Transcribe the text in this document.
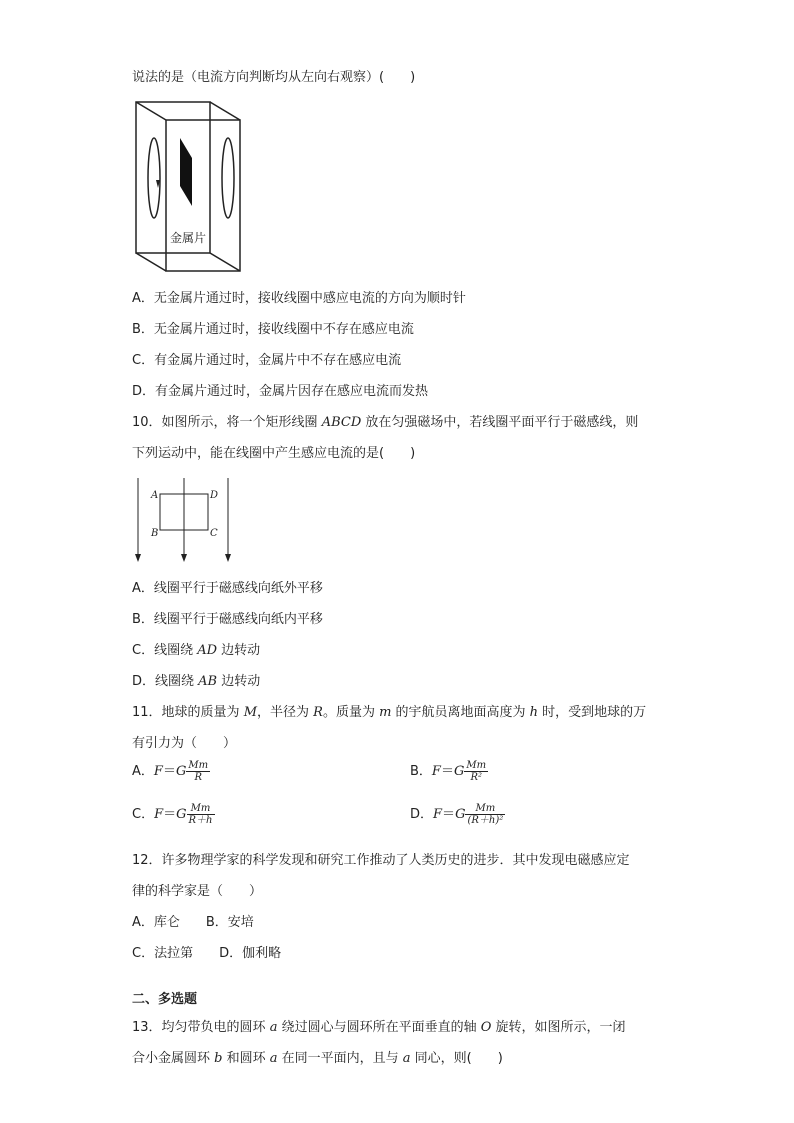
说法的是（电流方向判断均从左向右观察）(　　)
金属片
A．无金属片通过时，接收线圈中感应电流的方向为顺时针
B．无金属片通过时，接收线圈中不存在感应电流
C．有金属片通过时，金属片中不存在感应电流
D．有金属片通过时，金属片因存在感应电流而发热
10．如图所示，将一个矩形线圈 ABCD 放在匀强磁场中，若线圈平面平行于磁感线，则
下列运动中，能在线圈中产生感应电流的是(　　)
A	D
B	C
A．线圈平行于磁感线向纸外平移
B．线圈平行于磁感线向纸内平移
C．线圈绕 AD 边转动
D．线圈绕 AB 边转动
11．地球的质量为 M，半径为 R。质量为 m 的宇航员离地面高度为 h 时，受到地球的万
有引力为（　　）
A．$F=G \frac{Mm}{R}$	B．$F=G \frac{Mm}{\text{R²}}$
C．$F=G \frac{Mm}{R+h}$	D．$F=G \frac{Mm}{\text{(R＋h)²}}$
12．许多物理学家的科学发现和研究工作推动了人类历史的进步．其中发现电磁感应定
律的科学家是（　　）
A．库仑　　B．安培
C．法拉第　　D．伽利略
二、多选题
13．均匀带负电的圆环 a 绕过圆心与圆环所在平面垂直的轴 O 旋转，如图所示，一闭
合小金属圆环 b 和圆环 a 在同一平面内，且与 a 同心，则(　　)
